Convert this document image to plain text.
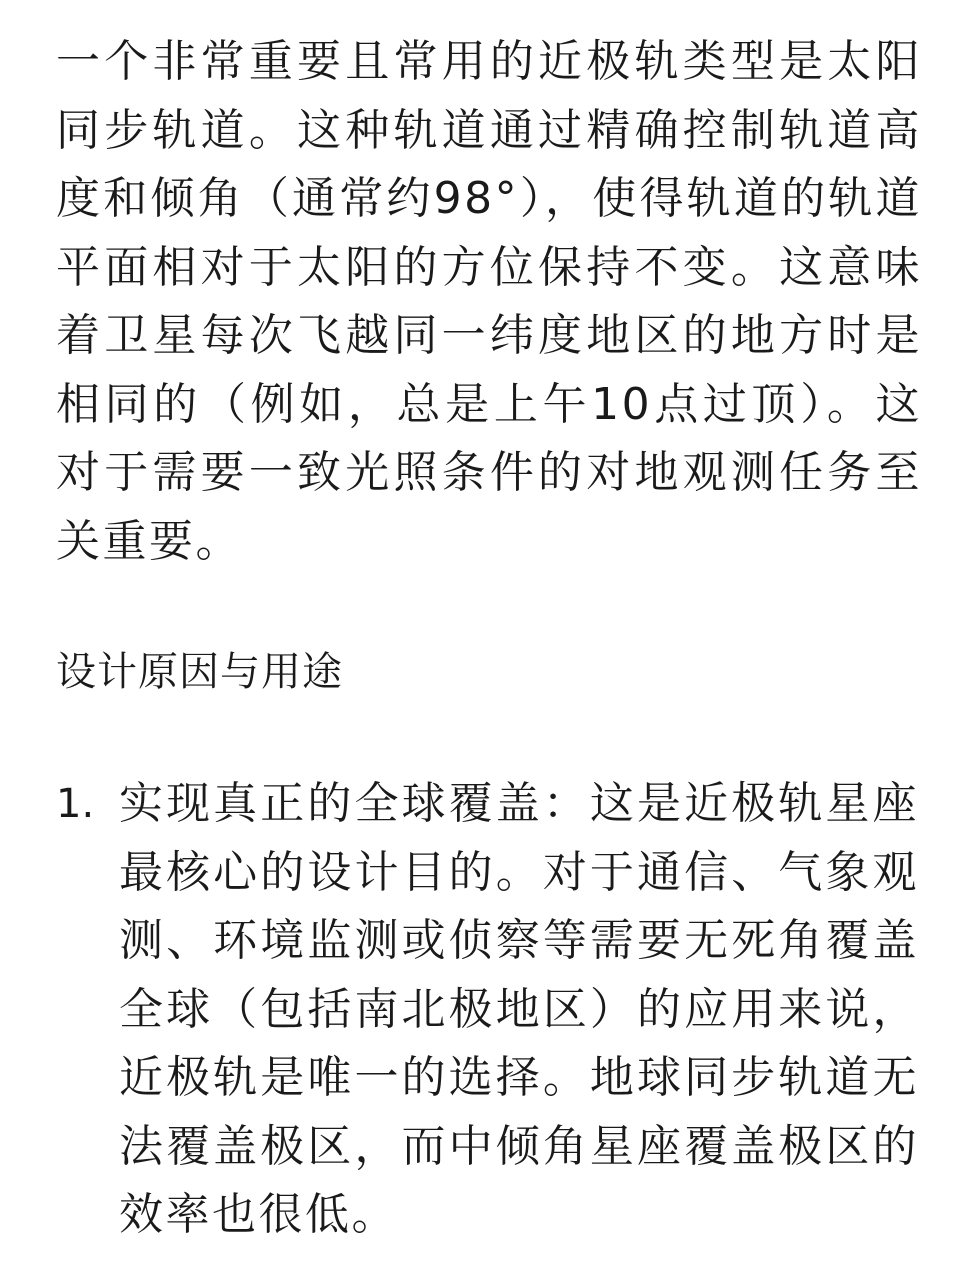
一个非常重要且常用的近极轨类型是太阳同步轨道。这种轨道通过精确控制轨道高度和倾角（通常约98°），使得轨道的轨道平面相对于太阳的方位保持不变。这意味着卫星每次飞越同一纬度地区的地方时是相同的（例如，总是上午10点过顶）。这对于需要一致光照条件的对地观测任务至关重要。

设计原因与用途
1. 实现真正的全球覆盖：这是近极轨星座最核心的设计目的。对于通信、气象观测、环境监测或侦察等需要无死角覆盖全球（包括南北极地区）的应用来说，近极轨是唯一的选择。地球同步轨道无法覆盖极区，而中倾角星座覆盖极区的效率也很低。
